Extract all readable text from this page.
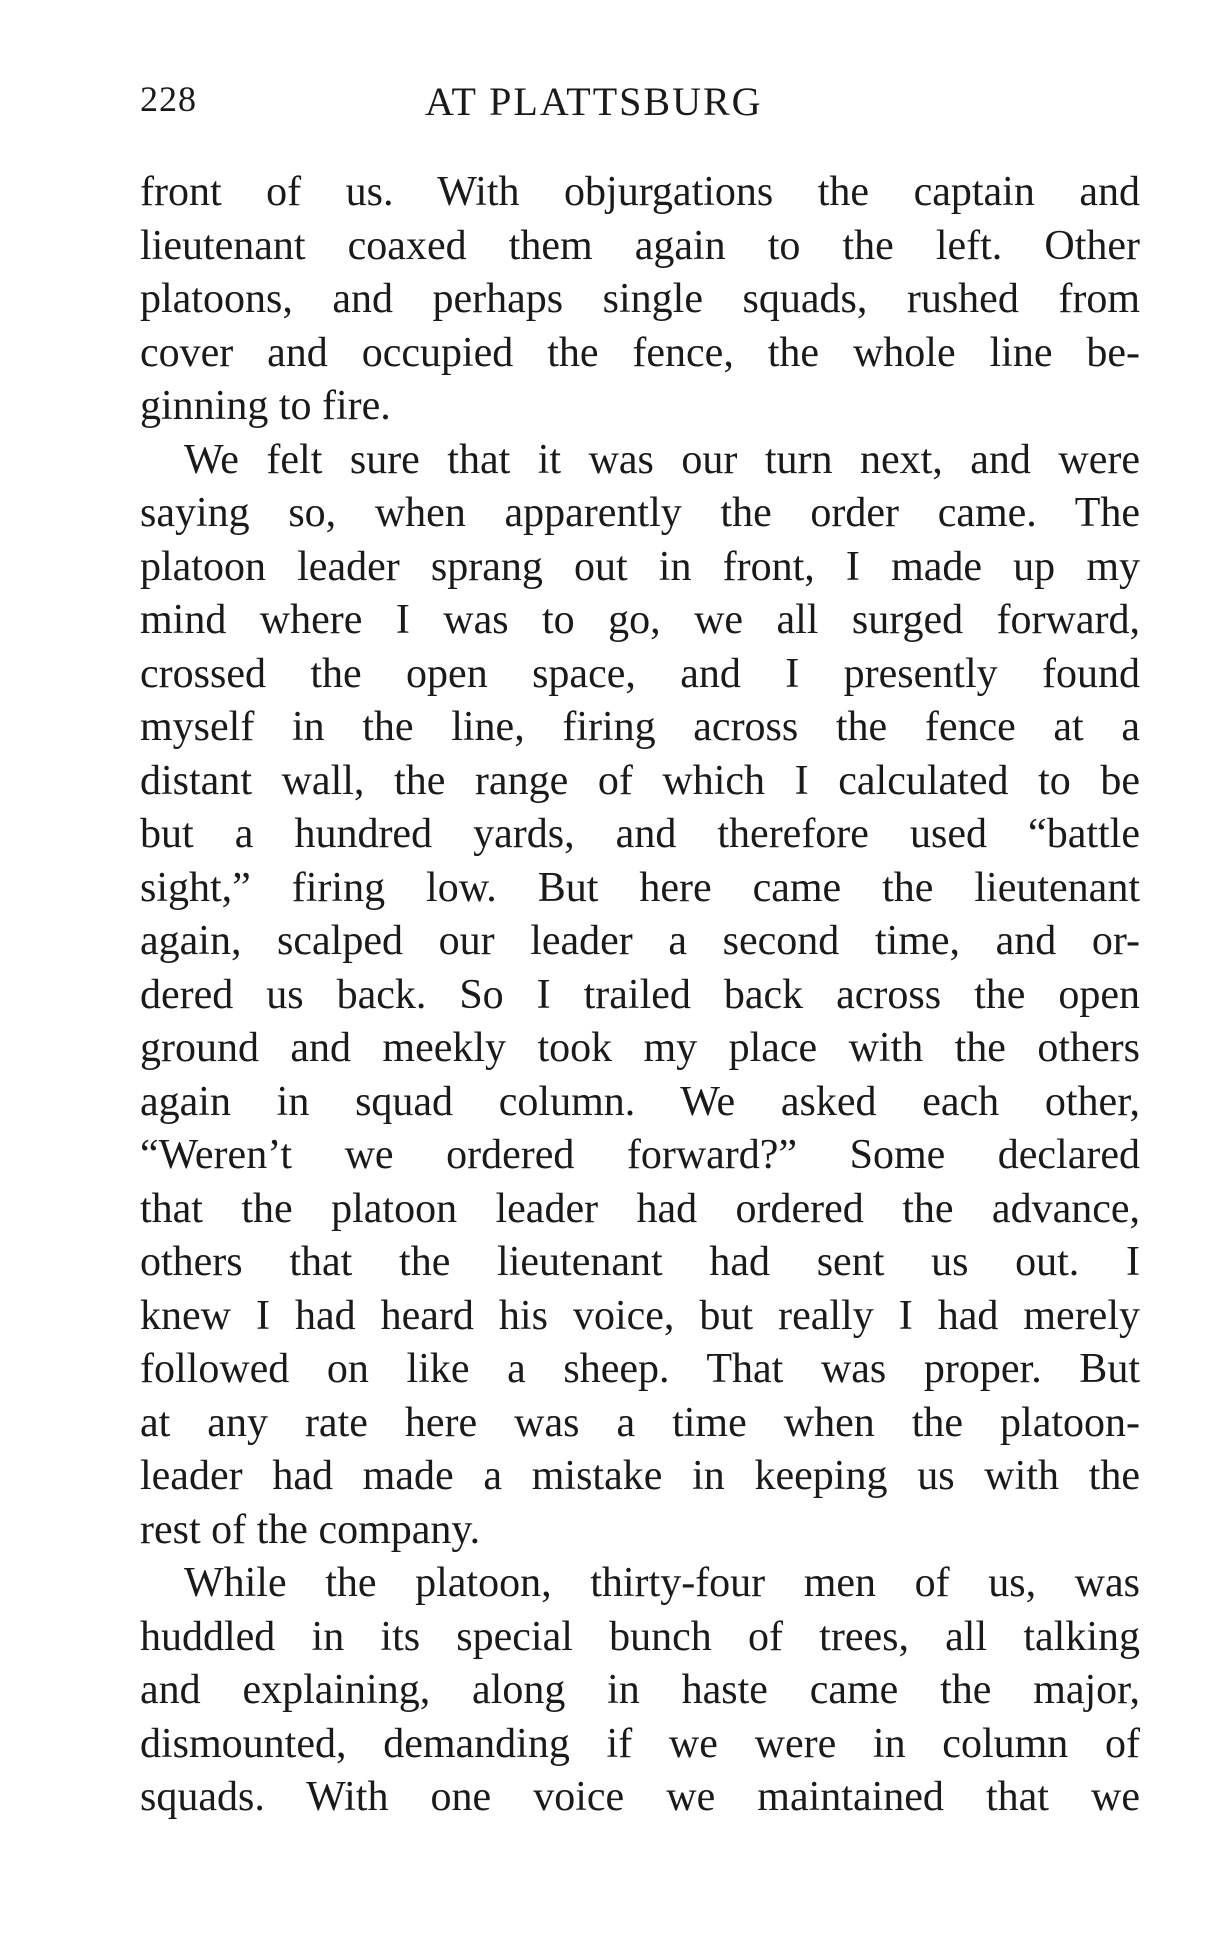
228	AT PLATTSBURG
front of us. With objurgations the captain and
lieutenant coaxed them again to the left. Other
platoons, and perhaps single squads, rushed from
cover and occupied the fence, the whole line be-
ginning to fire.
We felt sure that it was our turn next, and were
saying so, when apparently the order came. The
platoon leader sprang out in front, I made up my
mind where I was to go, we all surged forward,
crossed the open space, and I presently found
myself in the line, firing across the fence at a
distant wall, the range of which I calculated to be
but a hundred yards, and therefore used “battle
sight,” firing low. But here came the lieutenant
again, scalped our leader a second time, and or-
dered us back. So I trailed back across the open
ground and meekly took my place with the others
again in squad column. We asked each other,
“Weren’t we ordered forward?” Some declared
that the platoon leader had ordered the advance,
others that the lieutenant had sent us out. I
knew I had heard his voice, but really I had merely
followed on like a sheep. That was proper. But
at any rate here was a time when the platoon-
leader had made a mistake in keeping us with the
rest of the company.
While the platoon, thirty-four men of us, was
huddled in its special bunch of trees, all talking
and explaining, along in haste came the major,
dismounted, demanding if we were in column of
squads. With one voice we maintained that we
